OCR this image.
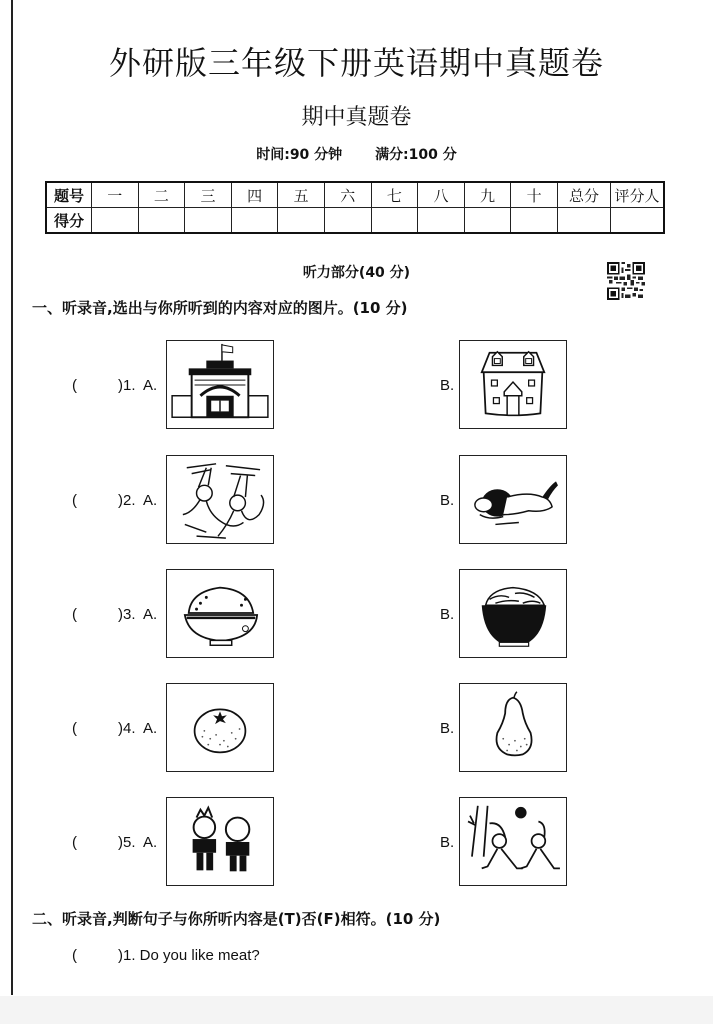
外研版三年级下册英语期中真题卷
期中真题卷
时间:90 分钟 满分:100 分
题号	一	二	三	四	五	六	七	八	九	十	总分	评分人
得分												
听力部分(40 分)
一、听录音,选出与你所听到的内容对应的图片。(10 分)
(	)1. A.	B.
(	)2. A.	B.
(	)3. A.	B.
(	)4. A.	B.
(	)5. A.	B.
二、听录音,判断句子与你所听内容是(T)否(F)相符。(10 分)
(	)1. Do you like meat?
